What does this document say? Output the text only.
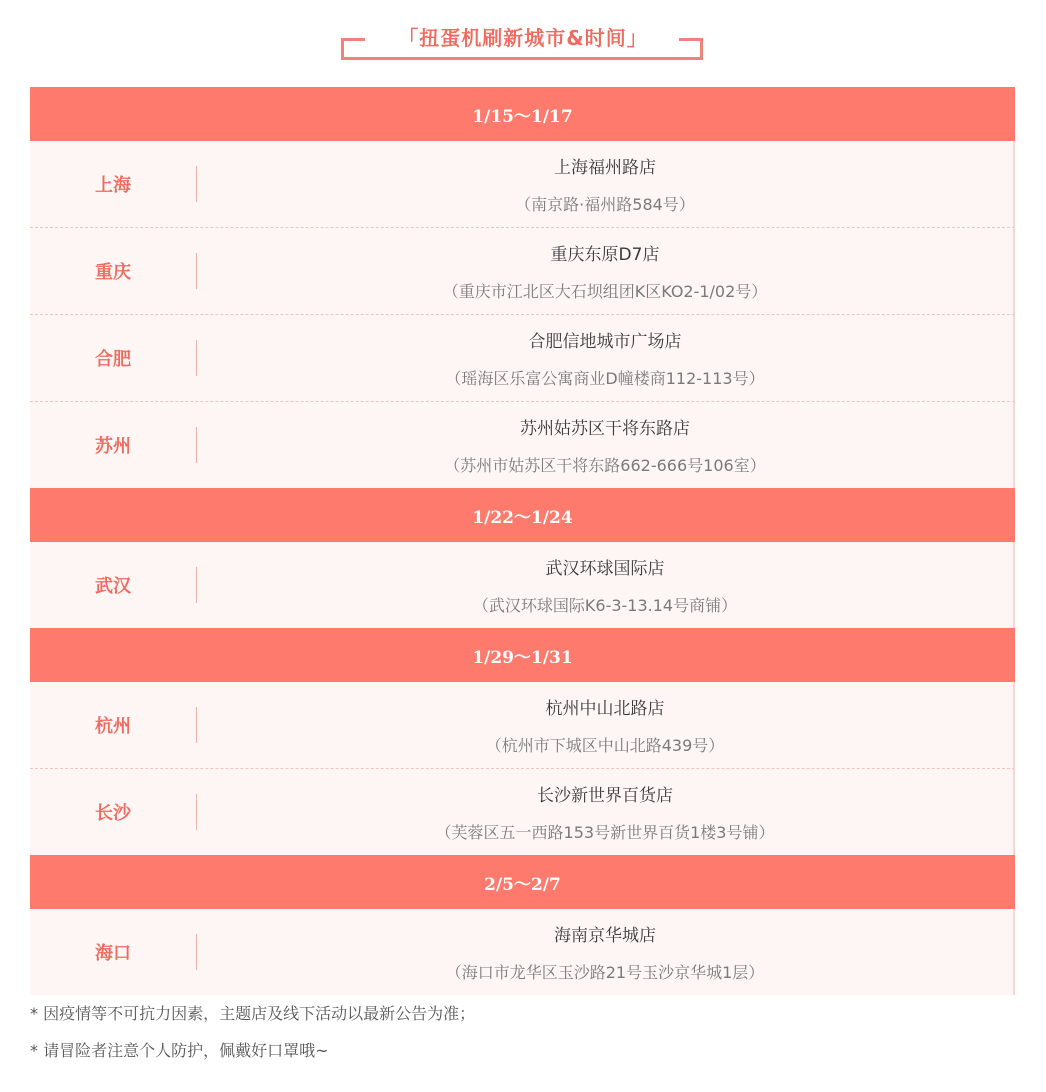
「扭蛋机刷新城市&时间」
1/15～1/17
上海
上海福州路店
（南京路·福州路584号）
重庆
重庆东原D7店
（重庆市江北区大石坝组团K区KO2-1/02号）
合肥
合肥信地城市广场店
（瑶海区乐富公寓商业D幢楼商112-113号）
苏州
苏州姑苏区干将东路店
（苏州市姑苏区干将东路662-666号106室）
1/22～1/24
武汉
武汉环球国际店
（武汉环球国际K6-3-13.14号商铺）
1/29～1/31
杭州
杭州中山北路店
（杭州市下城区中山北路439号）
长沙
长沙新世界百货店
（芙蓉区五一西路153号新世界百货1楼3号铺）
2/5～2/7
海口
海南京华城店
（海口市龙华区玉沙路21号玉沙京华城1层）
* 因疫情等不可抗力因素，主题店及线下活动以最新公告为准；
* 请冒险者注意个人防护，佩戴好口罩哦~
